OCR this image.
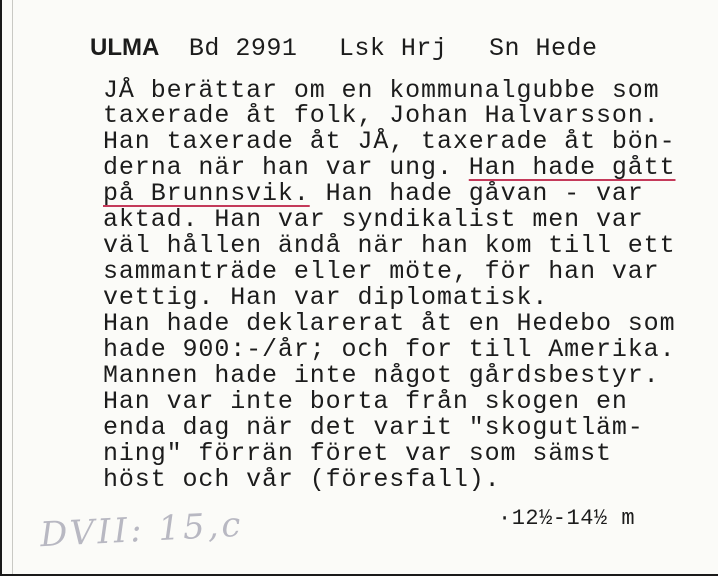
ULMA Bd 2991 Lsk Hrj Sn Hede
JÅ berättar om en kommunalgubbe som
taxerade åt folk, Johan Halvarsson.
Han taxerade åt JÅ, taxerade åt bön-
derna när han var ung. Han hade gått
på Brunnsvik. Han hade gåvan - var
aktad. Han var syndikalist men var
väl hållen ändå när han kom till ett
sammanträde eller möte, för han var
vettig. Han var diplomatisk.
Han hade deklarerat åt en Hedebo som
hade 900:-/år; och for till Amerika.
Mannen hade inte något gårdsbestyr.
Han var inte borta från skogen en
enda dag när det varit "skogutläm-
ning" förrän föret var som sämst
höst och vår (föresfall).
·12½-14½ m
DVII: 15,c
